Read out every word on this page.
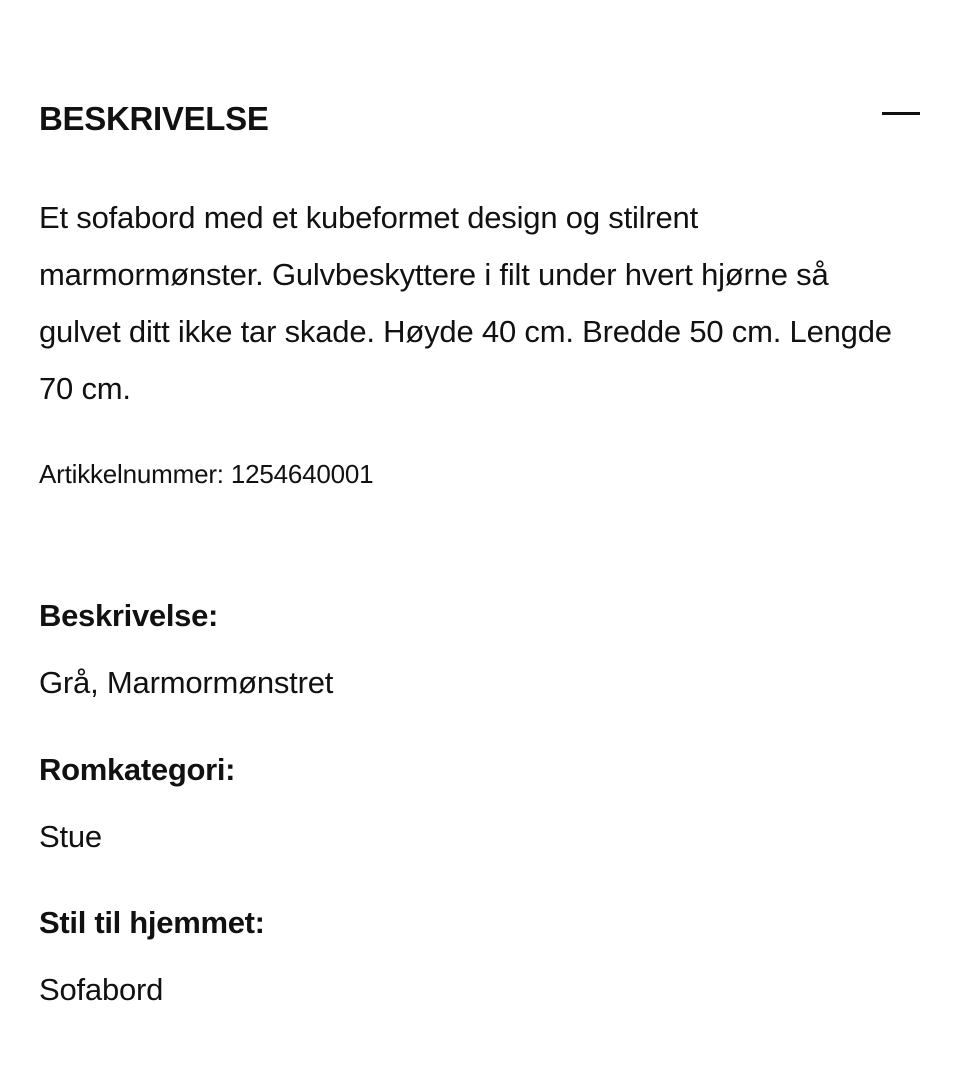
BESKRIVELSE

Et sofabord med et kubeformet design og stilrent marmormønster. Gulvbeskyttere i filt under hvert hjørne så gulvet ditt ikke tar skade. Høyde 40 cm. Bredde 50 cm. Lengde 70 cm.

Artikkelnummer: 1254640001

Beskrivelse:

Grå, Marmormønstret

Romkategori:

Stue

Stil til hjemmet:

Sofabord
